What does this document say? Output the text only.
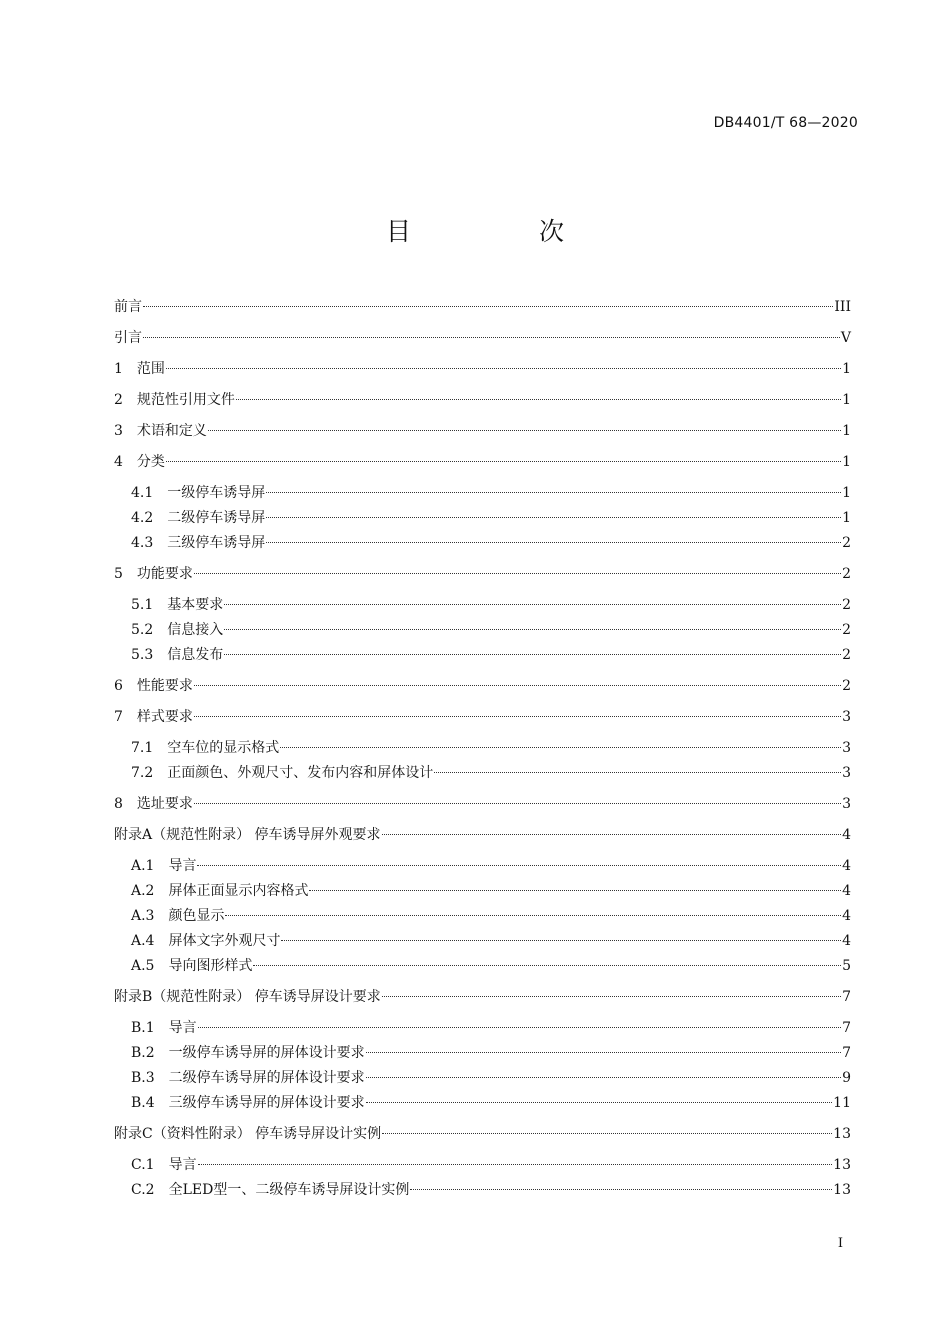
DB4401/T 68—2020
目 次
前言	III
引言	V
1 范围	1
2 规范性引用文件	1
3 术语和定义	1
4 分类	1
4.1 一级停车诱导屏	1
4.2 二级停车诱导屏	1
4.3 三级停车诱导屏	2
5 功能要求	2
5.1 基本要求	2
5.2 信息接入	2
5.3 信息发布	2
6 性能要求	2
7 样式要求	3
7.1 空车位的显示格式	3
7.2 正面颜色、外观尺寸、发布内容和屏体设计	3
8 选址要求	3
附录A（规范性附录） 停车诱导屏外观要求	4
A.1 导言	4
A.2 屏体正面显示内容格式	4
A.3 颜色显示	4
A.4 屏体文字外观尺寸	4
A.5 导向图形样式	5
附录B（规范性附录） 停车诱导屏设计要求	7
B.1 导言	7
B.2 一级停车诱导屏的屏体设计要求	7
B.3 二级停车诱导屏的屏体设计要求	9
B.4 三级停车诱导屏的屏体设计要求	11
附录C（资料性附录） 停车诱导屏设计实例	13
C.1 导言	13
C.2 全LED型一、二级停车诱导屏设计实例	13
I
